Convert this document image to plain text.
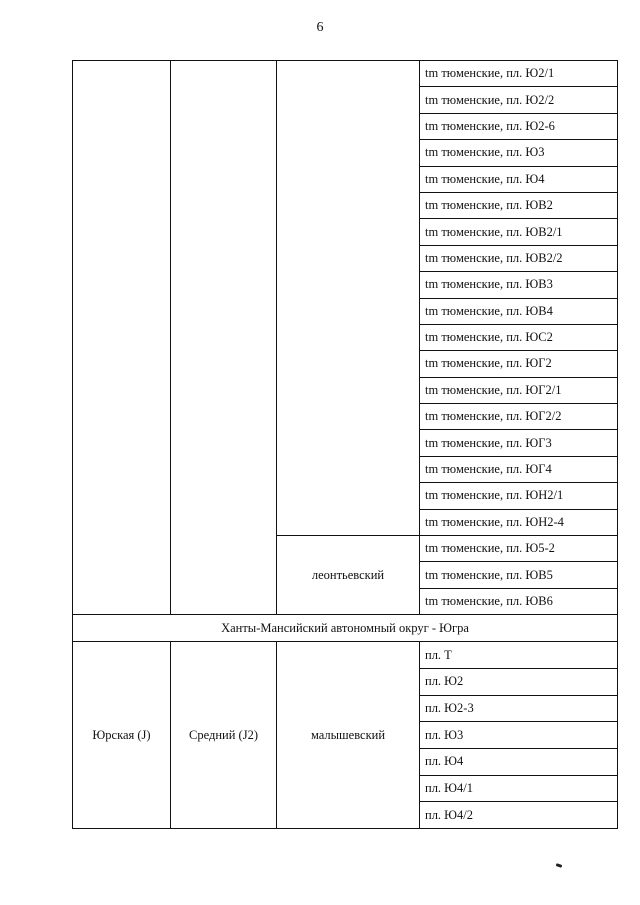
6
			tm тюменские, пл. Ю2/1
			tm тюменские, пл. Ю2/2
			tm тюменские, пл. Ю2-6
			tm тюменские, пл. Ю3
			tm тюменские, пл. Ю4
			tm тюменские, пл. ЮВ2
			tm тюменские, пл. ЮВ2/1
			tm тюменские, пл. ЮВ2/2
			tm тюменские, пл. ЮВ3
			tm тюменские, пл. ЮВ4
			tm тюменские, пл. ЮС2
			tm тюменские, пл. ЮГ2
			tm тюменские, пл. ЮГ2/1
			tm тюменские, пл. ЮГ2/2
			tm тюменские, пл. ЮГ3
			tm тюменские, пл. ЮГ4
			tm тюменские, пл. ЮН2/1
			tm тюменские, пл. ЮН2-4
		леонтьевский	tm тюменские, пл. Ю5-2
			tm тюменские, пл. ЮВ5
			tm тюменские, пл. ЮВ6
Ханты-Мансийский автономный округ - Югра			
Юрская (J)	Средний (J2)	малышевский	пл. Т
			пл. Ю2
			пл. Ю2-3
			пл. Ю3
			пл. Ю4
			пл. Ю4/1
			пл. Ю4/2
